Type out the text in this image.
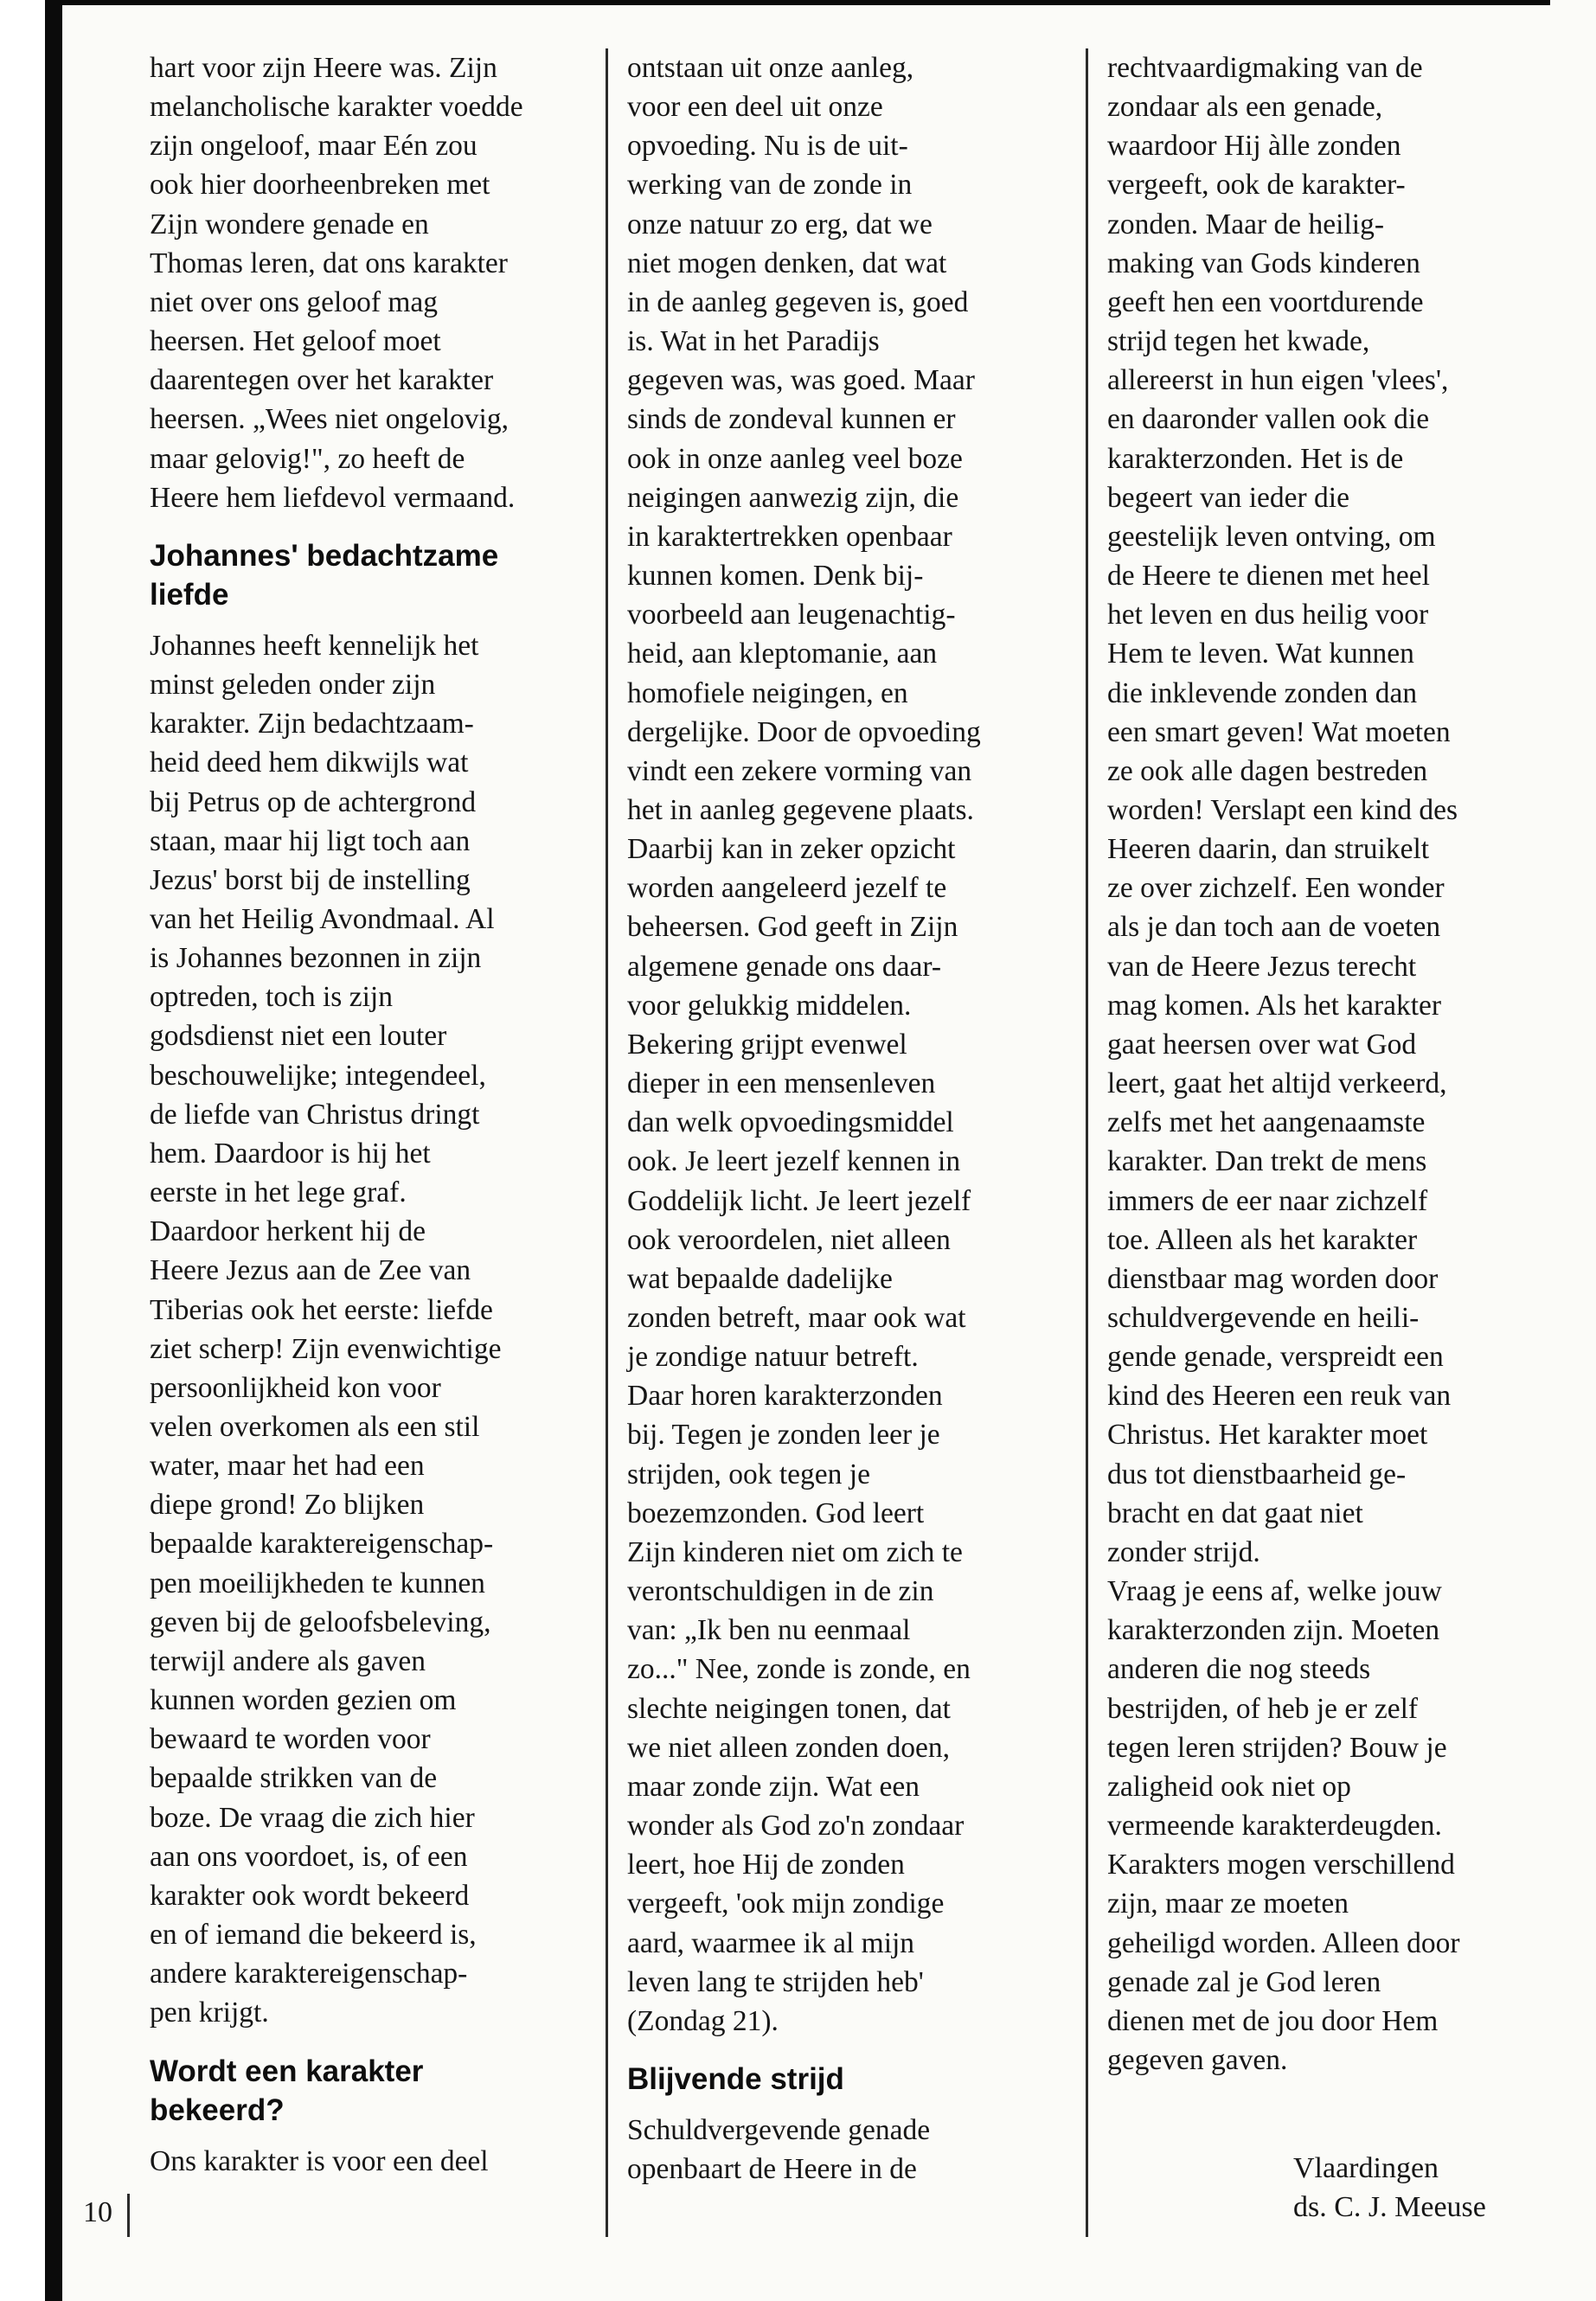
hart voor zijn Heere was. Zijn
melancholische karakter voedde
zijn ongeloof, maar Eén zou
ook hier doorheenbreken met
Zijn wondere genade en
Thomas leren, dat ons karakter
niet over ons geloof mag
heersen. Het geloof moet
daarentegen over het karakter
heersen. „Wees niet ongelovig,
maar gelovig!", zo heeft de
Heere hem liefdevol vermaand.
Johannes' bedachtzame
liefde
Johannes heeft kennelijk het
minst geleden onder zijn
karakter. Zijn bedachtzaam-
heid deed hem dikwijls wat
bij Petrus op de achtergrond
staan, maar hij ligt toch aan
Jezus' borst bij de instelling
van het Heilig Avondmaal. Al
is Johannes bezonnen in zijn
optreden, toch is zijn
godsdienst niet een louter
beschouwelijke; integendeel,
de liefde van Christus dringt
hem. Daardoor is hij het
eerste in het lege graf.
Daardoor herkent hij de
Heere Jezus aan de Zee van
Tiberias ook het eerste: liefde
ziet scherp! Zijn evenwichtige
persoonlijkheid kon voor
velen overkomen als een stil
water, maar het had een
diepe grond! Zo blijken
bepaalde karaktereigenschap-
pen moeilijkheden te kunnen
geven bij de geloofsbeleving,
terwijl andere als gaven
kunnen worden gezien om
bewaard te worden voor
bepaalde strikken van de
boze. De vraag die zich hier
aan ons voordoet, is, of een
karakter ook wordt bekeerd
en of iemand die bekeerd is,
andere karaktereigenschap-
pen krijgt.
Wordt een karakter
bekeerd?
Ons karakter is voor een deel
ontstaan uit onze aanleg,
voor een deel uit onze
opvoeding. Nu is de uit-
werking van de zonde in
onze natuur zo erg, dat we
niet mogen denken, dat wat
in de aanleg gegeven is, goed
is. Wat in het Paradijs
gegeven was, was goed. Maar
sinds de zondeval kunnen er
ook in onze aanleg veel boze
neigingen aanwezig zijn, die
in karaktertrekken openbaar
kunnen komen. Denk bij-
voorbeeld aan leugenachtig-
heid, aan kleptomanie, aan
homofiele neigingen, en
dergelijke. Door de opvoeding
vindt een zekere vorming van
het in aanleg gegevene plaats.
Daarbij kan in zeker opzicht
worden aangeleerd jezelf te
beheersen. God geeft in Zijn
algemene genade ons daar-
voor gelukkig middelen.
Bekering grijpt evenwel
dieper in een mensenleven
dan welk opvoedingsmiddel
ook. Je leert jezelf kennen in
Goddelijk licht. Je leert jezelf
ook veroordelen, niet alleen
wat bepaalde dadelijke
zonden betreft, maar ook wat
je zondige natuur betreft.
Daar horen karakterzonden
bij. Tegen je zonden leer je
strijden, ook tegen je
boezemzonden. God leert
Zijn kinderen niet om zich te
verontschuldigen in de zin
van: „Ik ben nu eenmaal
zo..." Nee, zonde is zonde, en
slechte neigingen tonen, dat
we niet alleen zonden doen,
maar zonde zijn. Wat een
wonder als God zo'n zondaar
leert, hoe Hij de zonden
vergeeft, 'ook mijn zondige
aard, waarmee ik al mijn
leven lang te strijden heb'
(Zondag 21).
Blijvende strijd
Schuldvergevende genade
openbaart de Heere in de
rechtvaardigmaking van de
zondaar als een genade,
waardoor Hij àlle zonden
vergeeft, ook de karakter-
zonden. Maar de heilig-
making van Gods kinderen
geeft hen een voortdurende
strijd tegen het kwade,
allereerst in hun eigen 'vlees',
en daaronder vallen ook die
karakterzonden. Het is de
begeert van ieder die
geestelijk leven ontving, om
de Heere te dienen met heel
het leven en dus heilig voor
Hem te leven. Wat kunnen
die inklevende zonden dan
een smart geven! Wat moeten
ze ook alle dagen bestreden
worden! Verslapt een kind des
Heeren daarin, dan struikelt
ze over zichzelf. Een wonder
als je dan toch aan de voeten
van de Heere Jezus terecht
mag komen. Als het karakter
gaat heersen over wat God
leert, gaat het altijd verkeerd,
zelfs met het aangenaamste
karakter. Dan trekt de mens
immers de eer naar zichzelf
toe. Alleen als het karakter
dienstbaar mag worden door
schuldvergevende en heili-
gende genade, verspreidt een
kind des Heeren een reuk van
Christus. Het karakter moet
dus tot dienstbaarheid ge-
bracht en dat gaat niet
zonder strijd.
Vraag je eens af, welke jouw
karakterzonden zijn. Moeten
anderen die nog steeds
bestrijden, of heb je er zelf
tegen leren strijden? Bouw je
zaligheid ook niet op
vermeende karakterdeugden.
Karakters mogen verschillend
zijn, maar ze moeten
geheiligd worden. Alleen door
genade zal je God leren
dienen met de jou door Hem
gegeven gaven.
10
Vlaardingen
ds. C. J. Meeuse
